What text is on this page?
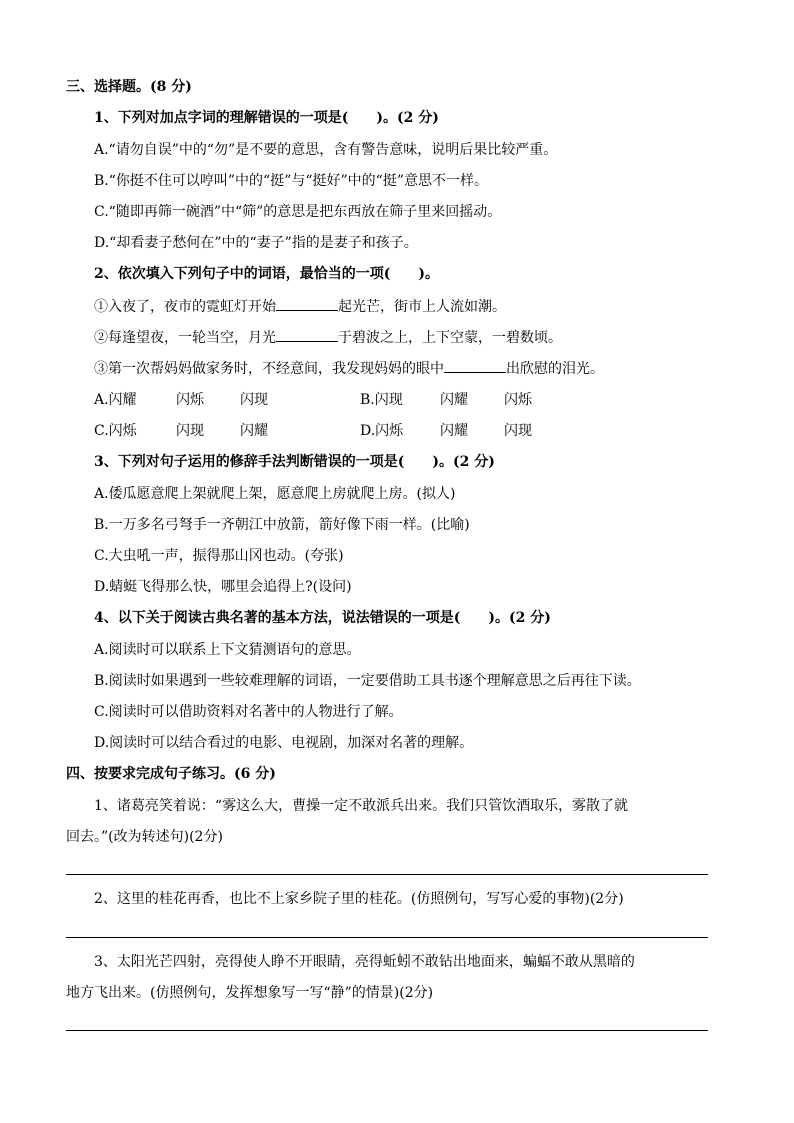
三、选择题。(8 分)
1、下列对加点字词的理解错误的一项是(　　)。(2 分)
A.“请勿自误”中的“勿”是不要的意思，含有警告意味，说明后果比较严重。
B.“你挺不住可以哼叫”中的“挺”与“挺好”中的“挺”意思不一样。
C.“随即再筛一碗酒”中“筛”的意思是把东西放在筛子里来回摇动。
D.“却看妻子愁何在”中的“妻子”指的是妻子和孩子。
2、依次填入下列句子中的词语，最恰当的一项(　　)。
①入夜了，夜市的霓虹灯开始	起光芒，街市上人流如潮。
②每逢望夜，一轮当空，月光	于碧波之上，上下空蒙，一碧数顷。
③第一次帮妈妈做家务时，不经意间，我发现妈妈的眼中	出欣慰的泪光。
A.闪耀	闪烁	闪现	B.闪现	闪耀	闪烁
C.闪烁	闪现	闪耀	D.闪烁	闪耀	闪现
3、下列对句子运用的修辞手法判断错误的一项是(　　)。(2 分)
A.倭瓜愿意爬上架就爬上架，愿意爬上房就爬上房。(拟人)
B.一万多名弓弩手一齐朝江中放箭，箭好像下雨一样。(比喻)
C.大虫吼一声，振得那山冈也动。(夸张)
D.蜻蜓飞得那么快，哪里会追得上?(设问)
4、以下关于阅读古典名著的基本方法，说法错误的一项是(　　)。(2 分)
A.阅读时可以联系上下文猜测语句的意思。
B.阅读时如果遇到一些较难理解的词语，一定要借助工具书逐个理解意思之后再往下读。
C.阅读时可以借助资料对名著中的人物进行了解。
D.阅读时可以结合看过的电影、电视剧，加深对名著的理解。
四、按要求完成句子练习。(6 分)
1、诸葛亮笑着说：“雾这么大，曹操一定不敢派兵出来。我们只管饮酒取乐，雾散了就
回去。”(改为转述句)(2分)
2、这里的桂花再香，也比不上家乡院子里的桂花。(仿照例句，写写心爱的事物)(2分)
3、太阳光芒四射，亮得使人睁不开眼睛，亮得蚯蚓不敢钻出地面来，蝙蝠不敢从黑暗的
地方飞出来。(仿照例句，发挥想象写一写“静”的情景)(2分)
